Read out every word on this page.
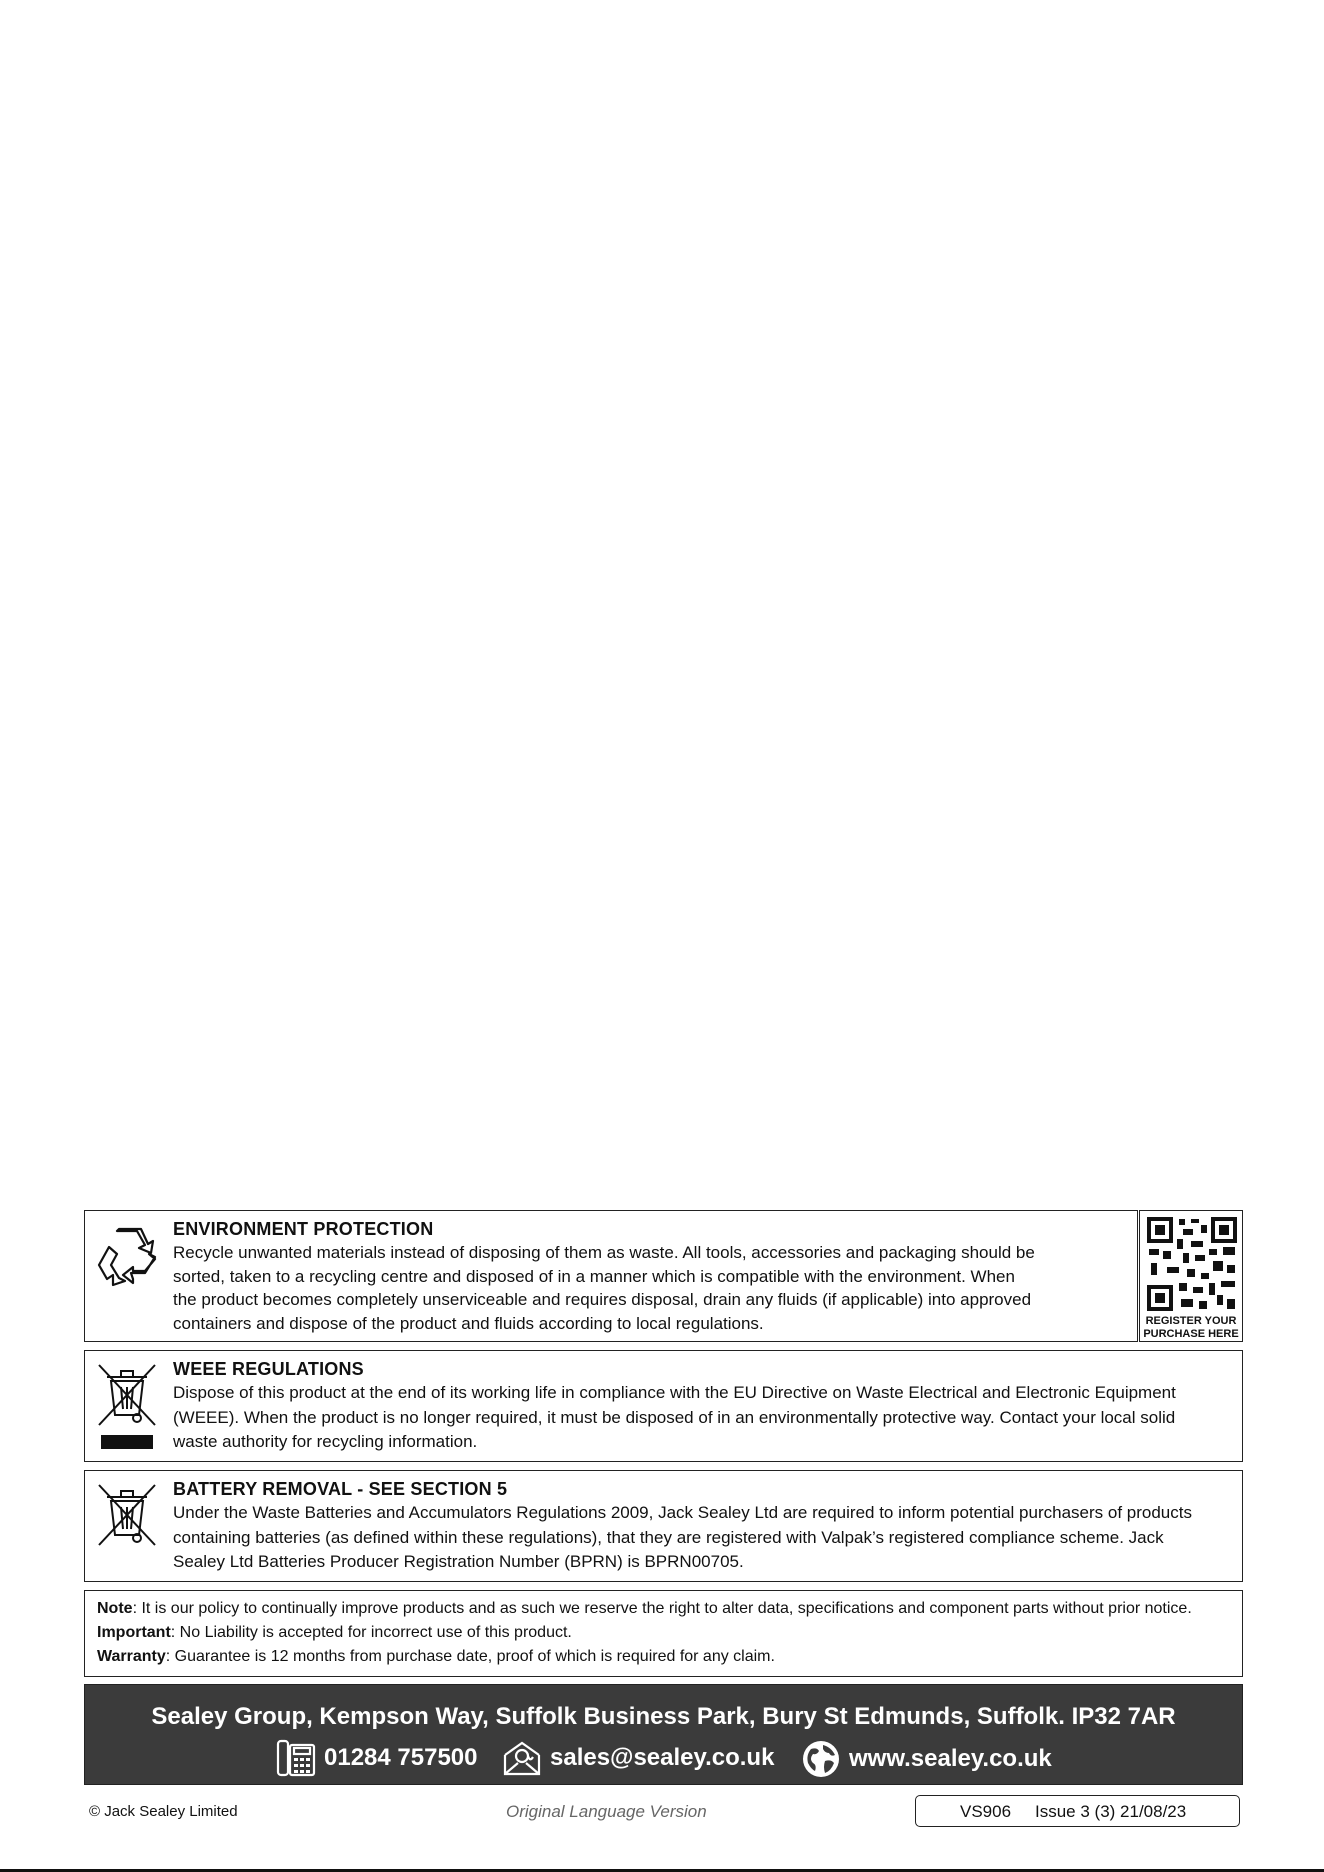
ENVIRONMENT PROTECTION
Recycle unwanted materials instead of disposing of them as waste. All tools, accessories and packaging should be
sorted, taken to a recycling centre and disposed of in a manner which is compatible with the environment. When
the product becomes completely unserviceable and requires disposal, drain any fluids (if applicable) into approved
containers and dispose of the product and fluids according to local regulations.	REGISTER YOUR
PURCHASE HERE
WEEE REGULATIONS
Dispose of this product at the end of its working life in compliance with the EU Directive on Waste Electrical and Electronic Equipment
(WEEE). When the product is no longer required, it must be disposed of in an environmentally protective way. Contact your local solid
waste authority for recycling information.
BATTERY REMOVAL - SEE SECTION 5
Under the Waste Batteries and Accumulators Regulations 2009, Jack Sealey Ltd are required to inform potential purchasers of products
containing batteries (as defined within these regulations), that they are registered with Valpak’s registered compliance scheme. Jack
Sealey Ltd Batteries Producer Registration Number (BPRN) is BPRN00705.
Note: It is our policy to continually improve products and as such we reserve the right to alter data, specifications and component parts without prior notice.
Important: No Liability is accepted for incorrect use of this product.
Warranty: Guarantee is 12 months from purchase date, proof of which is required for any claim.
Sealey Group, Kempson Way, Suffolk Business Park, Bury St Edmunds, Suffolk. IP32 7AR
01284 757500	sales@sealey.co.uk	www.sealey.co.uk
© Jack Sealey Limited	Original Language Version	VS906 Issue 3 (3) 21/08/23
